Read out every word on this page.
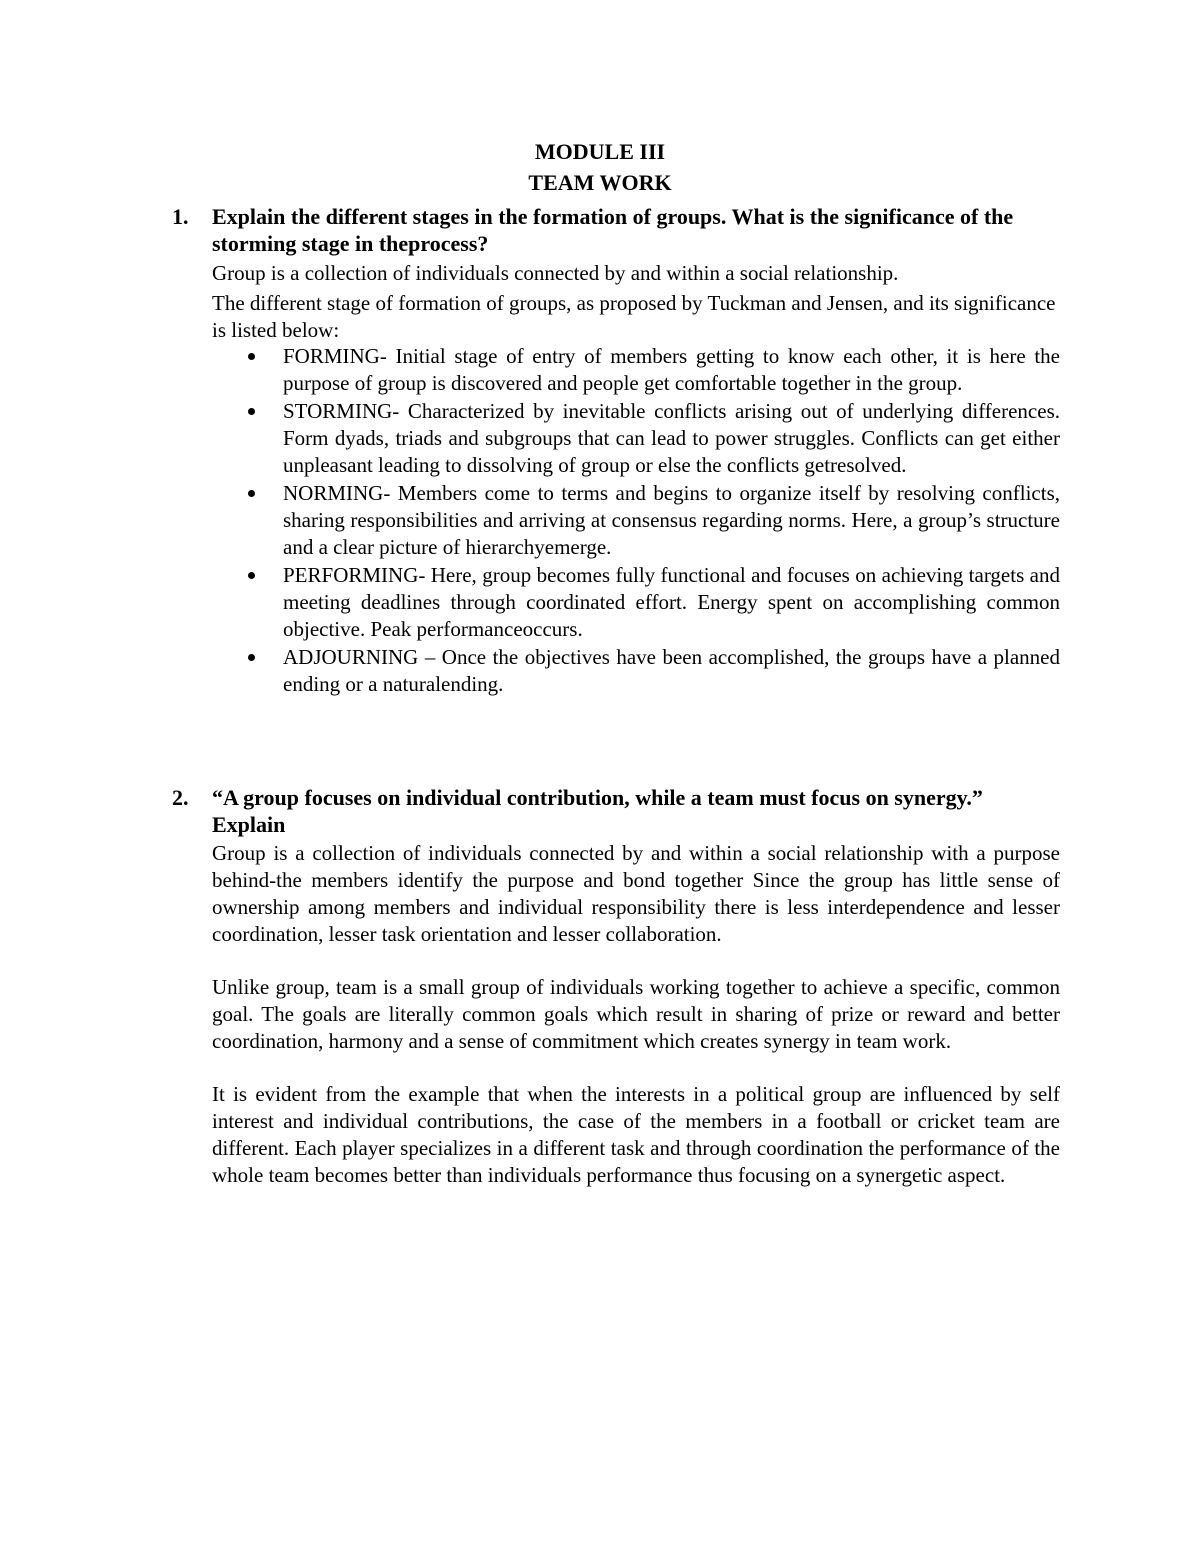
MODULE III
TEAM WORK
1. Explain the different stages in the formation of groups. What is the significance of the storming stage in theprocess?

Group is a collection of individuals connected by and within a social relationship.

The different stage of formation of groups, as proposed by Tuckman and Jensen, and its significance is listed below:

FORMING- Initial stage of entry of members getting to know each other, it is here the purpose of group is discovered and people get comfortable together in the group.
STORMING- Characterized by inevitable conflicts arising out of underlying differences. Form dyads, triads and subgroups that can lead to power struggles. Conflicts can get either unpleasant leading to dissolving of group or else the conflicts getresolved.
NORMING- Members come to terms and begins to organize itself by resolving conflicts, sharing responsibilities and arriving at consensus regarding norms. Here, a group’s structure and a clear picture of hierarchyemerge.
PERFORMING- Here, group becomes fully functional and focuses on achieving targets and meeting deadlines through coordinated effort. Energy spent on accomplishing common objective. Peak performanceoccurs.
ADJOURNING – Once the objectives have been accomplished, the groups have a planned ending or a naturalending.
2. “A group focuses on individual contribution, while a team must focus on synergy.” Explain

Group is a collection of individuals connected by and within a social relationship with a purpose behind-the members identify the purpose and bond together Since the group has little sense of ownership among members and individual responsibility there is less interdependence and lesser coordination, lesser task orientation and lesser collaboration.

Unlike group, team is a small group of individuals working together to achieve a specific, common goal. The goals are literally common goals which result in sharing of prize or reward and better coordination, harmony and a sense of commitment which creates synergy in team work.

It is evident from the example that when the interests in a political group are influenced by self interest and individual contributions, the case of the members in a football or cricket team are different. Each player specializes in a different task and through coordination the performance of the whole team becomes better than individuals performance thus focusing on a synergetic aspect.
